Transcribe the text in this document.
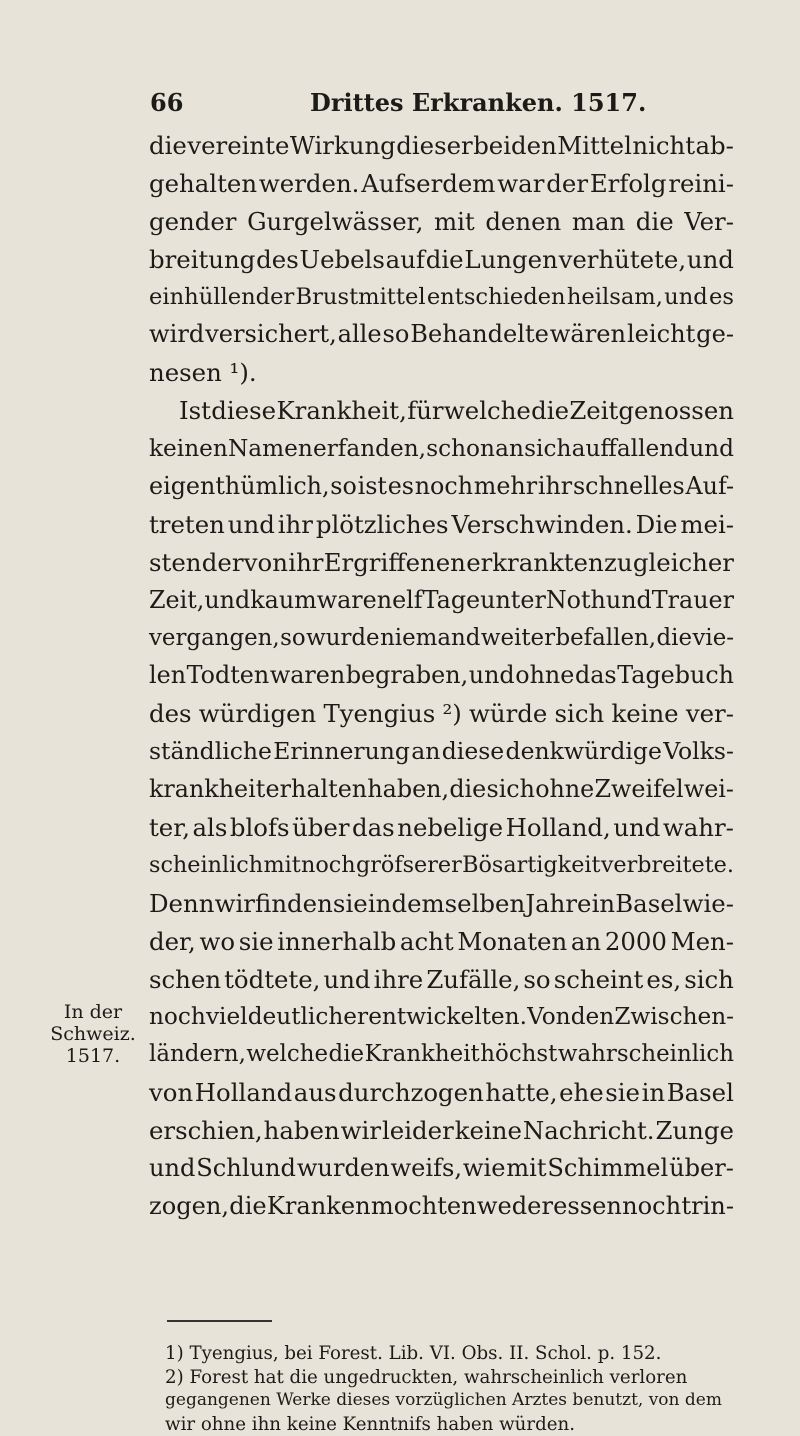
66	Drittes Erkranken. 1517.
die vereinte Wirkung dieser beiden Mittel nicht ab-
gehalten werden. Aufserdem war der Erfolg reini-
gender Gurgelwässer, mit denen man die Ver-
breitung des Uebels auf die Lungen verhütete, und
einhüllender Brustmittel entschieden heilsam, und es
wird versichert, alle so Behandelte wären leicht ge-
nesen ¹).
Ist diese Krankheit, für welche die Zeitgenossen
keinen Namen erfanden, schon an sich auffallend und
eigenthümlich, so ist es noch mehr ihr schnelles Auf-
treten und ihr plötzliches Verschwinden. Die mei-
sten der von ihr Ergriffenen erkrankten zu gleicher
Zeit, und kaum waren elf Tage unter Noth und Trauer
vergangen, so wurde niemand weiter befallen, die vie-
len Todten waren begraben, und ohne das Tagebuch
des würdigen Tyengius ²) würde sich keine ver-
ständliche Erinnerung an diese denkwürdige Volks-
krankheit erhalten haben, die sich ohne Zweifel wei-
ter, als blofs über das nebelige Holland, und wahr-
scheinlich mit noch gröfserer Bösartigkeit verbreitete.
Denn wir finden sie in demselben Jahre in Basel wie-
der, wo sie innerhalb acht Monaten an 2000 Men-
schen tödtete, und ihre Zufälle, so scheint es, sich
noch viel deutlicher entwickelten. Von den Zwischen-
ländern, welche die Krankheit höchst wahrscheinlich
von Holland aus durchzogen hatte, ehe sie in Basel
erschien, haben wir leider keine Nachricht. Zunge
und Schlund wurden weifs, wie mit Schimmel über-
zogen, die Kranken mochten weder essen noch trin-
In der
Schweiz.
1517.
1) Tyengius, bei Forest. Lib. VI. Obs. II. Schol. p. 152.
2) Forest hat die ungedruckten, wahrscheinlich verloren
gegangenen Werke dieses vorzüglichen Arztes benutzt, von dem
wir ohne ihn keine Kenntnifs haben würden.
